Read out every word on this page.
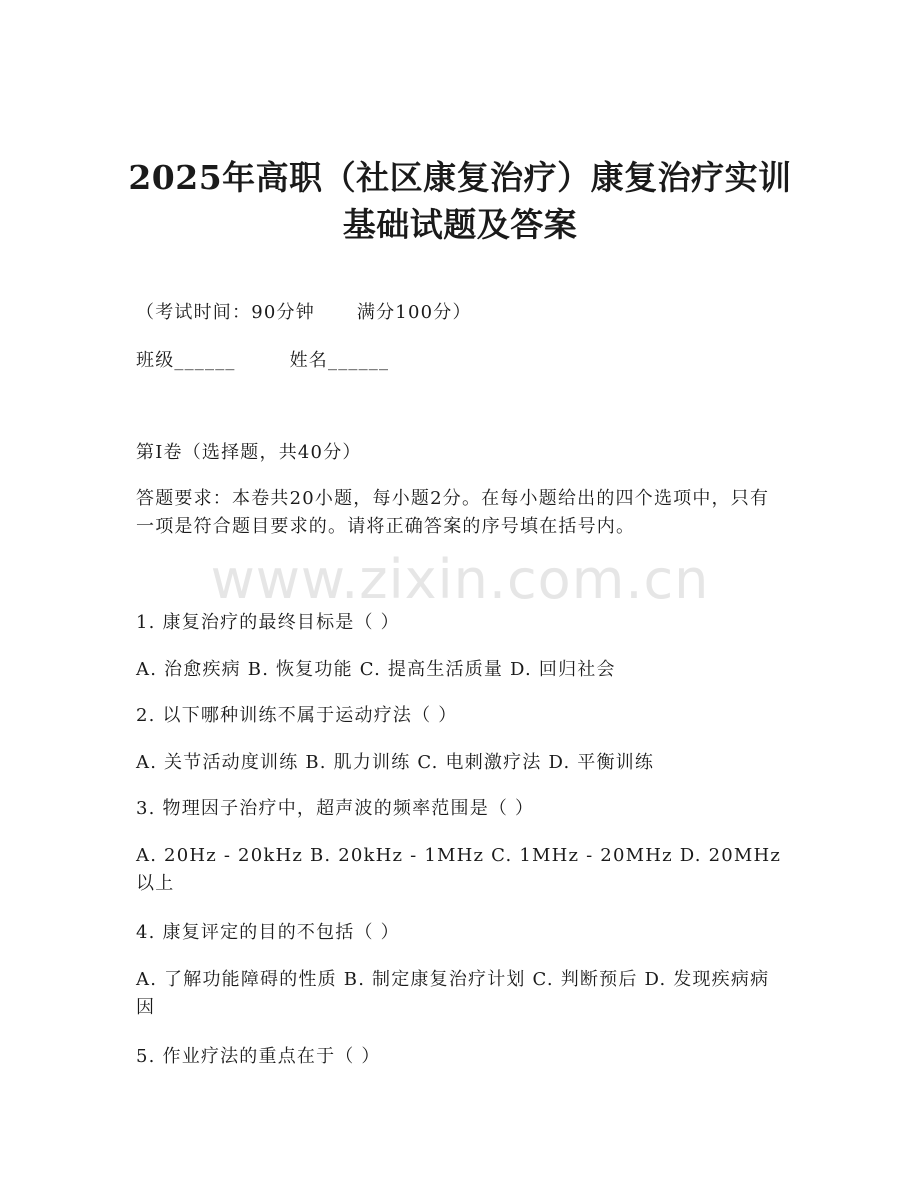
2025年高职（社区康复治疗）康复治疗实训
基础试题及答案
（考试时间：90分钟 满分100分）
班级______	姓名______
第I卷（选择题，共40分）
答题要求：本卷共20小题，每小题2分。在每小题给出的四个选项中，只有一项是符合题目要求的。请将正确答案的序号填在括号内。
www.zixin.com.cn
1. 康复治疗的最终目标是（ ）
A. 治愈疾病 B. 恢复功能 C. 提高生活质量 D. 回归社会
2. 以下哪种训练不属于运动疗法（ ）
A. 关节活动度训练 B. 肌力训练 C. 电刺激疗法 D. 平衡训练
3. 物理因子治疗中，超声波的频率范围是（ ）
A. 20Hz - 20kHz B. 20kHz - 1MHz C. 1MHz - 20MHz D. 20MHz以上
4. 康复评定的目的不包括（ ）
A. 了解功能障碍的性质 B. 制定康复治疗计划 C. 判断预后 D. 发现疾病病因
5. 作业疗法的重点在于（ ）
